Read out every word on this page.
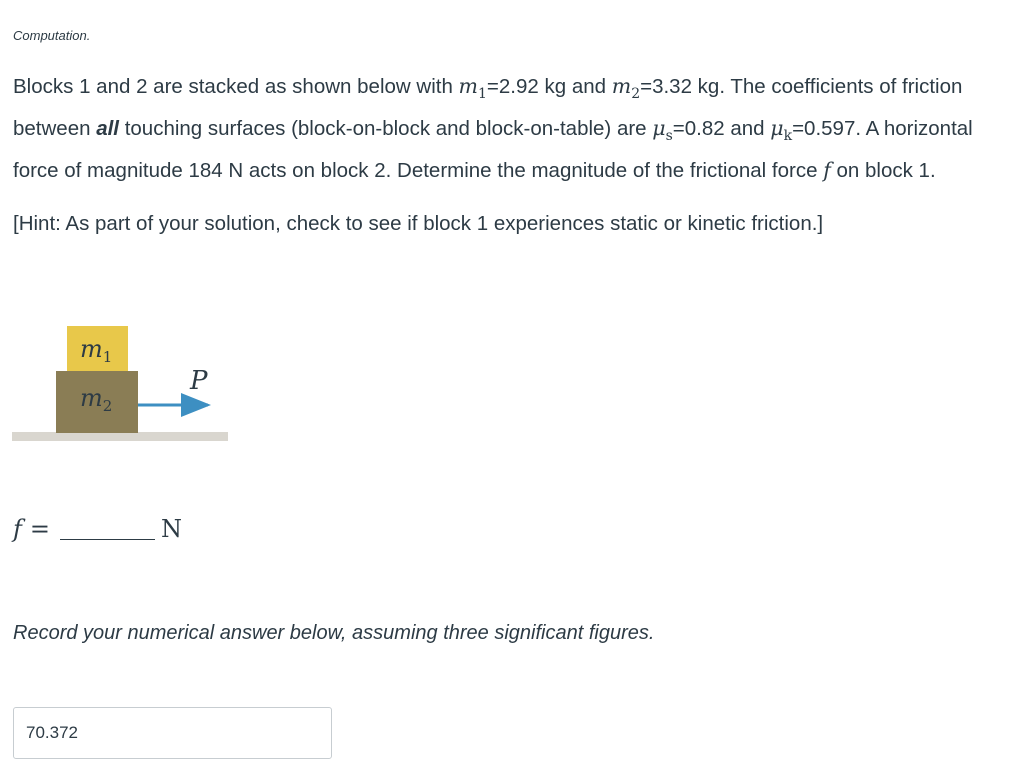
Computation.

Blocks 1 and 2 are stacked as shown below with $m_1=2.92$ kg and $m_2=3.32$ kg. The coefficients of friction between all touching surfaces (block-on-block and block-on-table) are $\mu_s=0.82$ and $\mu_k=0.597$. A horizontal force of magnitude 184 N acts on block 2. Determine the magnitude of the frictional force f on block 1.

[Hint: As part of your solution, check to see if block 1 experiences static or kinetic friction.]

$m_1$
$m_2$
P
f =	N
Record your numerical answer below, assuming three significant figures.
70.372
